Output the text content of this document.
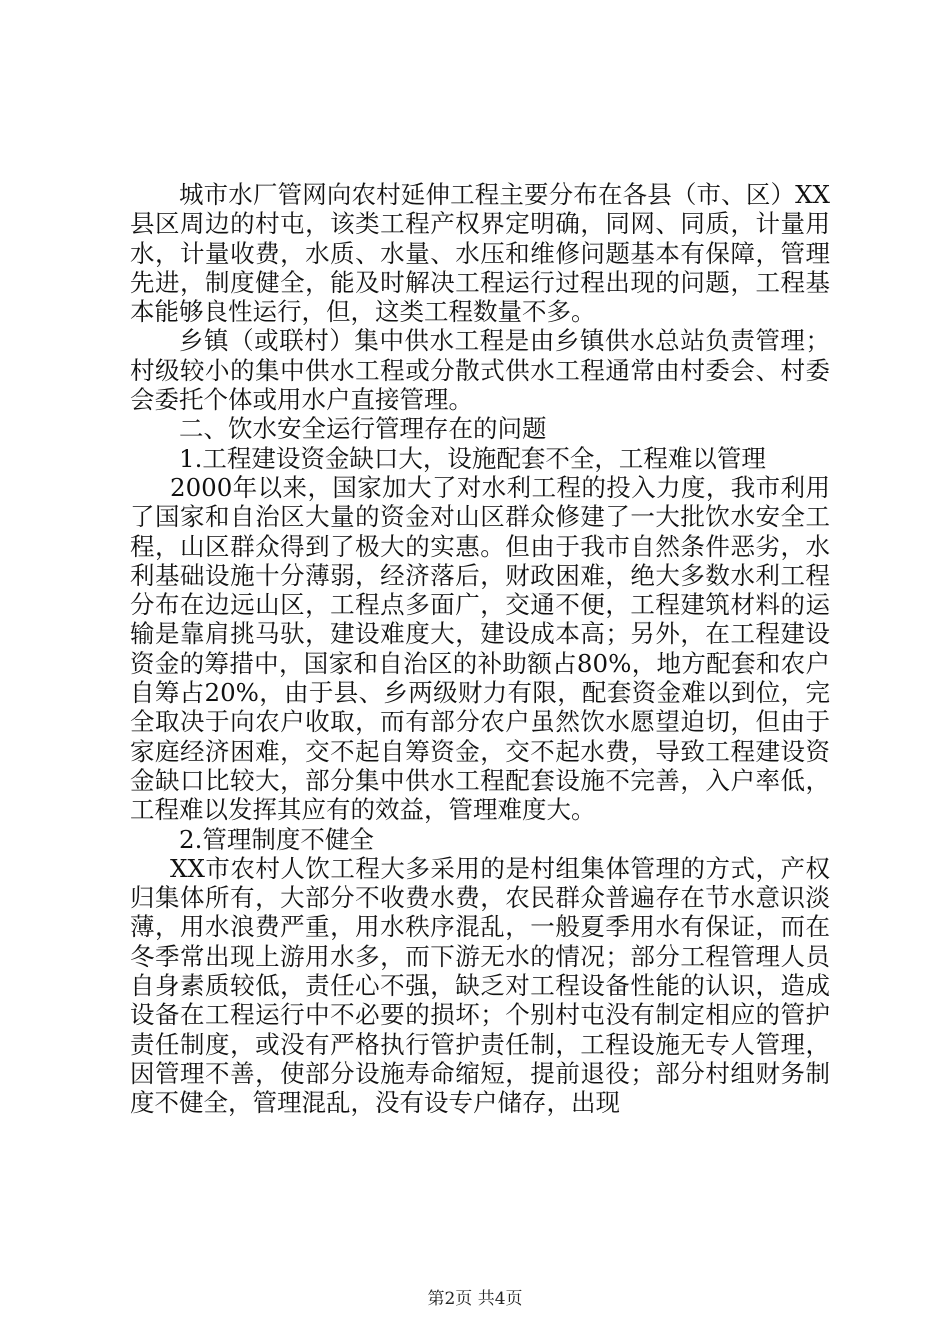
城市水厂管网向农村延伸工程主要分布在各县（市、区）XX县区周边的村屯，该类工程产权界定明确，同网、同质，计量用水，计量收费，水质、水量、水压和维修问题基本有保障，管理先进，制度健全，能及时解决工程运行过程出现的问题，工程基本能够良性运行，但，这类工程数量不多。

乡镇（或联村）集中供水工程是由乡镇供水总站负责管理；村级较小的集中供水工程或分散式供水工程通常由村委会、村委会委托个体或用水户直接管理。

二、饮水安全运行管理存在的问题

1.工程建设资金缺口大，设施配套不全，工程难以管理

2000年以来，国家加大了对水利工程的投入力度，我市利用了国家和自治区大量的资金对山区群众修建了一大批饮水安全工程，山区群众得到了极大的实惠。但由于我市自然条件恶劣，水利基础设施十分薄弱，经济落后，财政困难，绝大多数水利工程分布在边远山区，工程点多面广，交通不便，工程建筑材料的运输是靠肩挑马驮，建设难度大，建设成本高；另外，在工程建设资金的筹措中，国家和自治区的补助额占80%，地方配套和农户自筹占20%，由于县、乡两级财力有限，配套资金难以到位，完全取决于向农户收取，而有部分农户虽然饮水愿望迫切，但由于家庭经济困难，交不起自筹资金，交不起水费，导致工程建设资金缺口比较大，部分集中供水工程配套设施不完善，入户率低，工程难以发挥其应有的效益，管理难度大。

2.管理制度不健全

XX市农村人饮工程大多采用的是村组集体管理的方式，产权归集体所有，大部分不收费水费，农民群众普遍存在节水意识淡薄，用水浪费严重，用水秩序混乱，一般夏季用水有保证，而在冬季常出现上游用水多，而下游无水的情况；部分工程管理人员自身素质较低，责任心不强，缺乏对工程设备性能的认识，造成设备在工程运行中不必要的损坏；个别村屯没有制定相应的管护责任制度，或没有严格执行管护责任制，工程设施无专人管理，因管理不善，使部分设施寿命缩短，提前退役；部分村组财务制度不健全，管理混乱，没有设专户储存，出现

第2页 共4页
